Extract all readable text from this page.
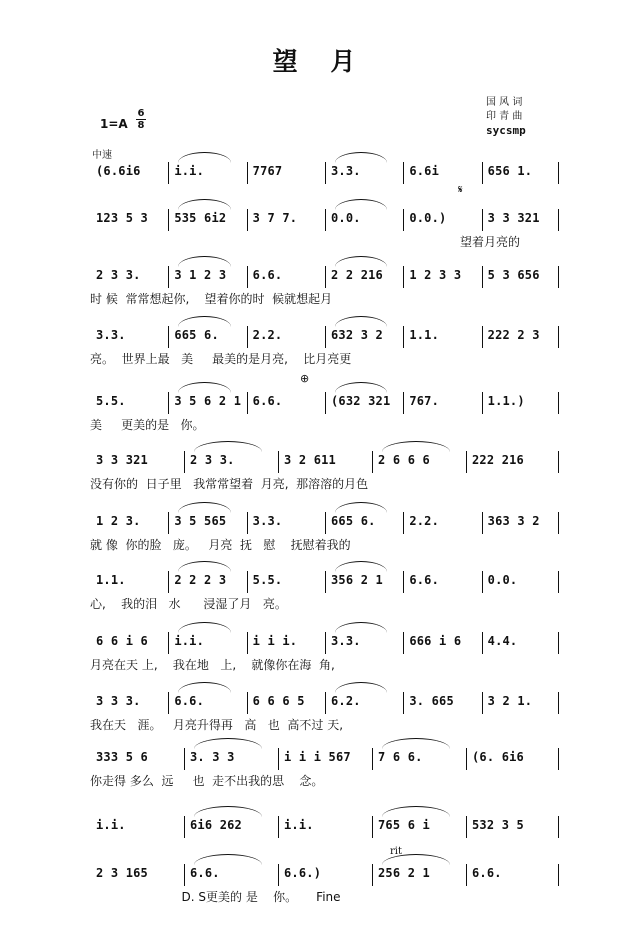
望 月
国 风 词
印 青 曲
sycsmp
1=A
6
8
中速
(6.6i6	i.i.	7767	3.3.	6.6i	656 1.
123 5 3 535 6i2 3 7 7.	0.0.	0.0.)	3 3 321
望着月亮的
𝄋
2 3 3.	3 1 2 3 6.6.	2 2 216 1 2 3 3 5 3 656
时 候  常常想起你,    望着你的时  候就想起月
3.3.	665 6.	2.2.	632 3 2 1.1.	222 2 3
亮。  世界上最   美     最美的是月亮,    比月亮更
5.5.	3 5 6 2 1 6.6.	(632 321 767.	1.1.)
美     更美的是   你。
⊕
3 3 321	2 3 3.	3 2 611	2 6 6 6	222 216
没有你的  日子里   我常常望着  月亮,  那溶溶的月色
1 2 3.	3 5 565 3.3.	665 6.	2.2.	363 3 2
就 像  你的脸   庞。   月亮  抚   慰    抚慰着我的
1.1.	2 2 2 3 5.5.	356 2 1 6.6.	0.0.
心,    我的泪   水      浸湿了月   亮。
6 6 i 6 i.i.	i i i.	3.3.	666 i 6 4.4.
月亮在天 上,    我在地   上,    就像你在海  角,
3 3 3.	6.6.	6 6 6 5 6.2.	3. 665	3 2 1.
我在天   涯。   月亮升得再   高   也  高不过 天,
333 5 6	3. 3 3	i i i 567 7 6 6.	(6. 6i6
你走得 多么  远     也  走不出我的思    念。
i.i.	6i6 262	i.i.	765 6 i	532 3 5
2 3 165	6.6.	6.6.)	256 2 1	6.6.
D. S更美的 是    你。     Fine
rit
